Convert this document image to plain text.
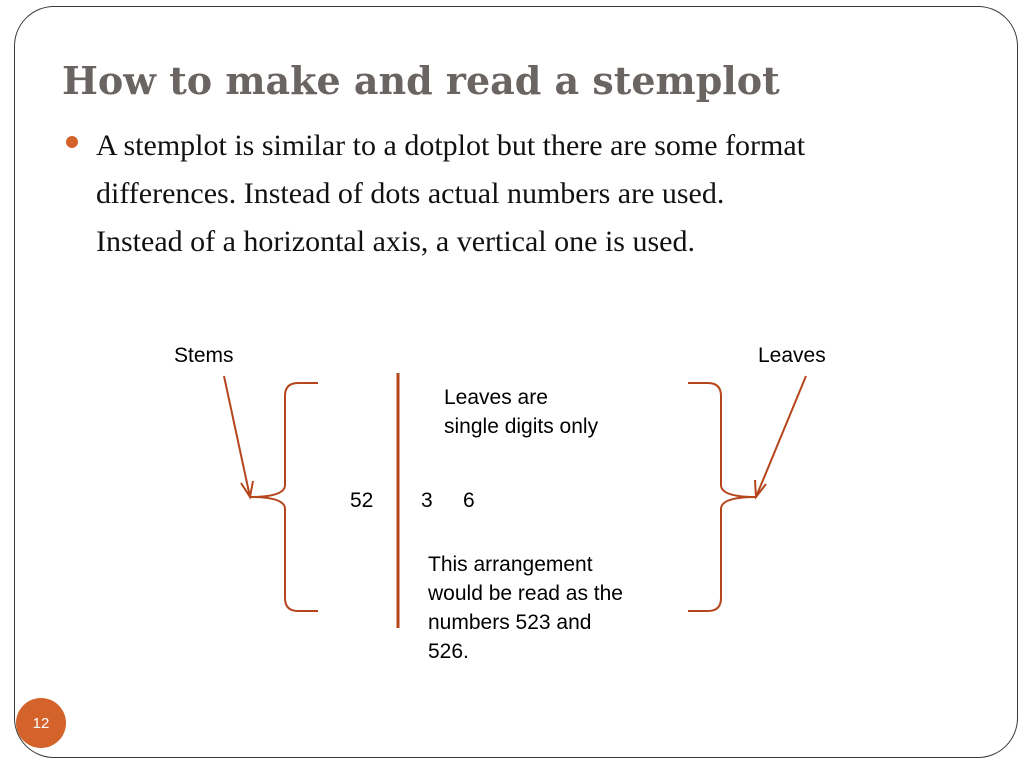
How to make and read a stemplot
A stemplot is similar to a dotplot but there are some format
differences. Instead of dots actual numbers are used.
Instead of a horizontal axis, a vertical one is used.
Stems	Leaves
Leaves are
single digits only
52 3 6
This arrangement
would be read as the
numbers 523 and
526.
12
